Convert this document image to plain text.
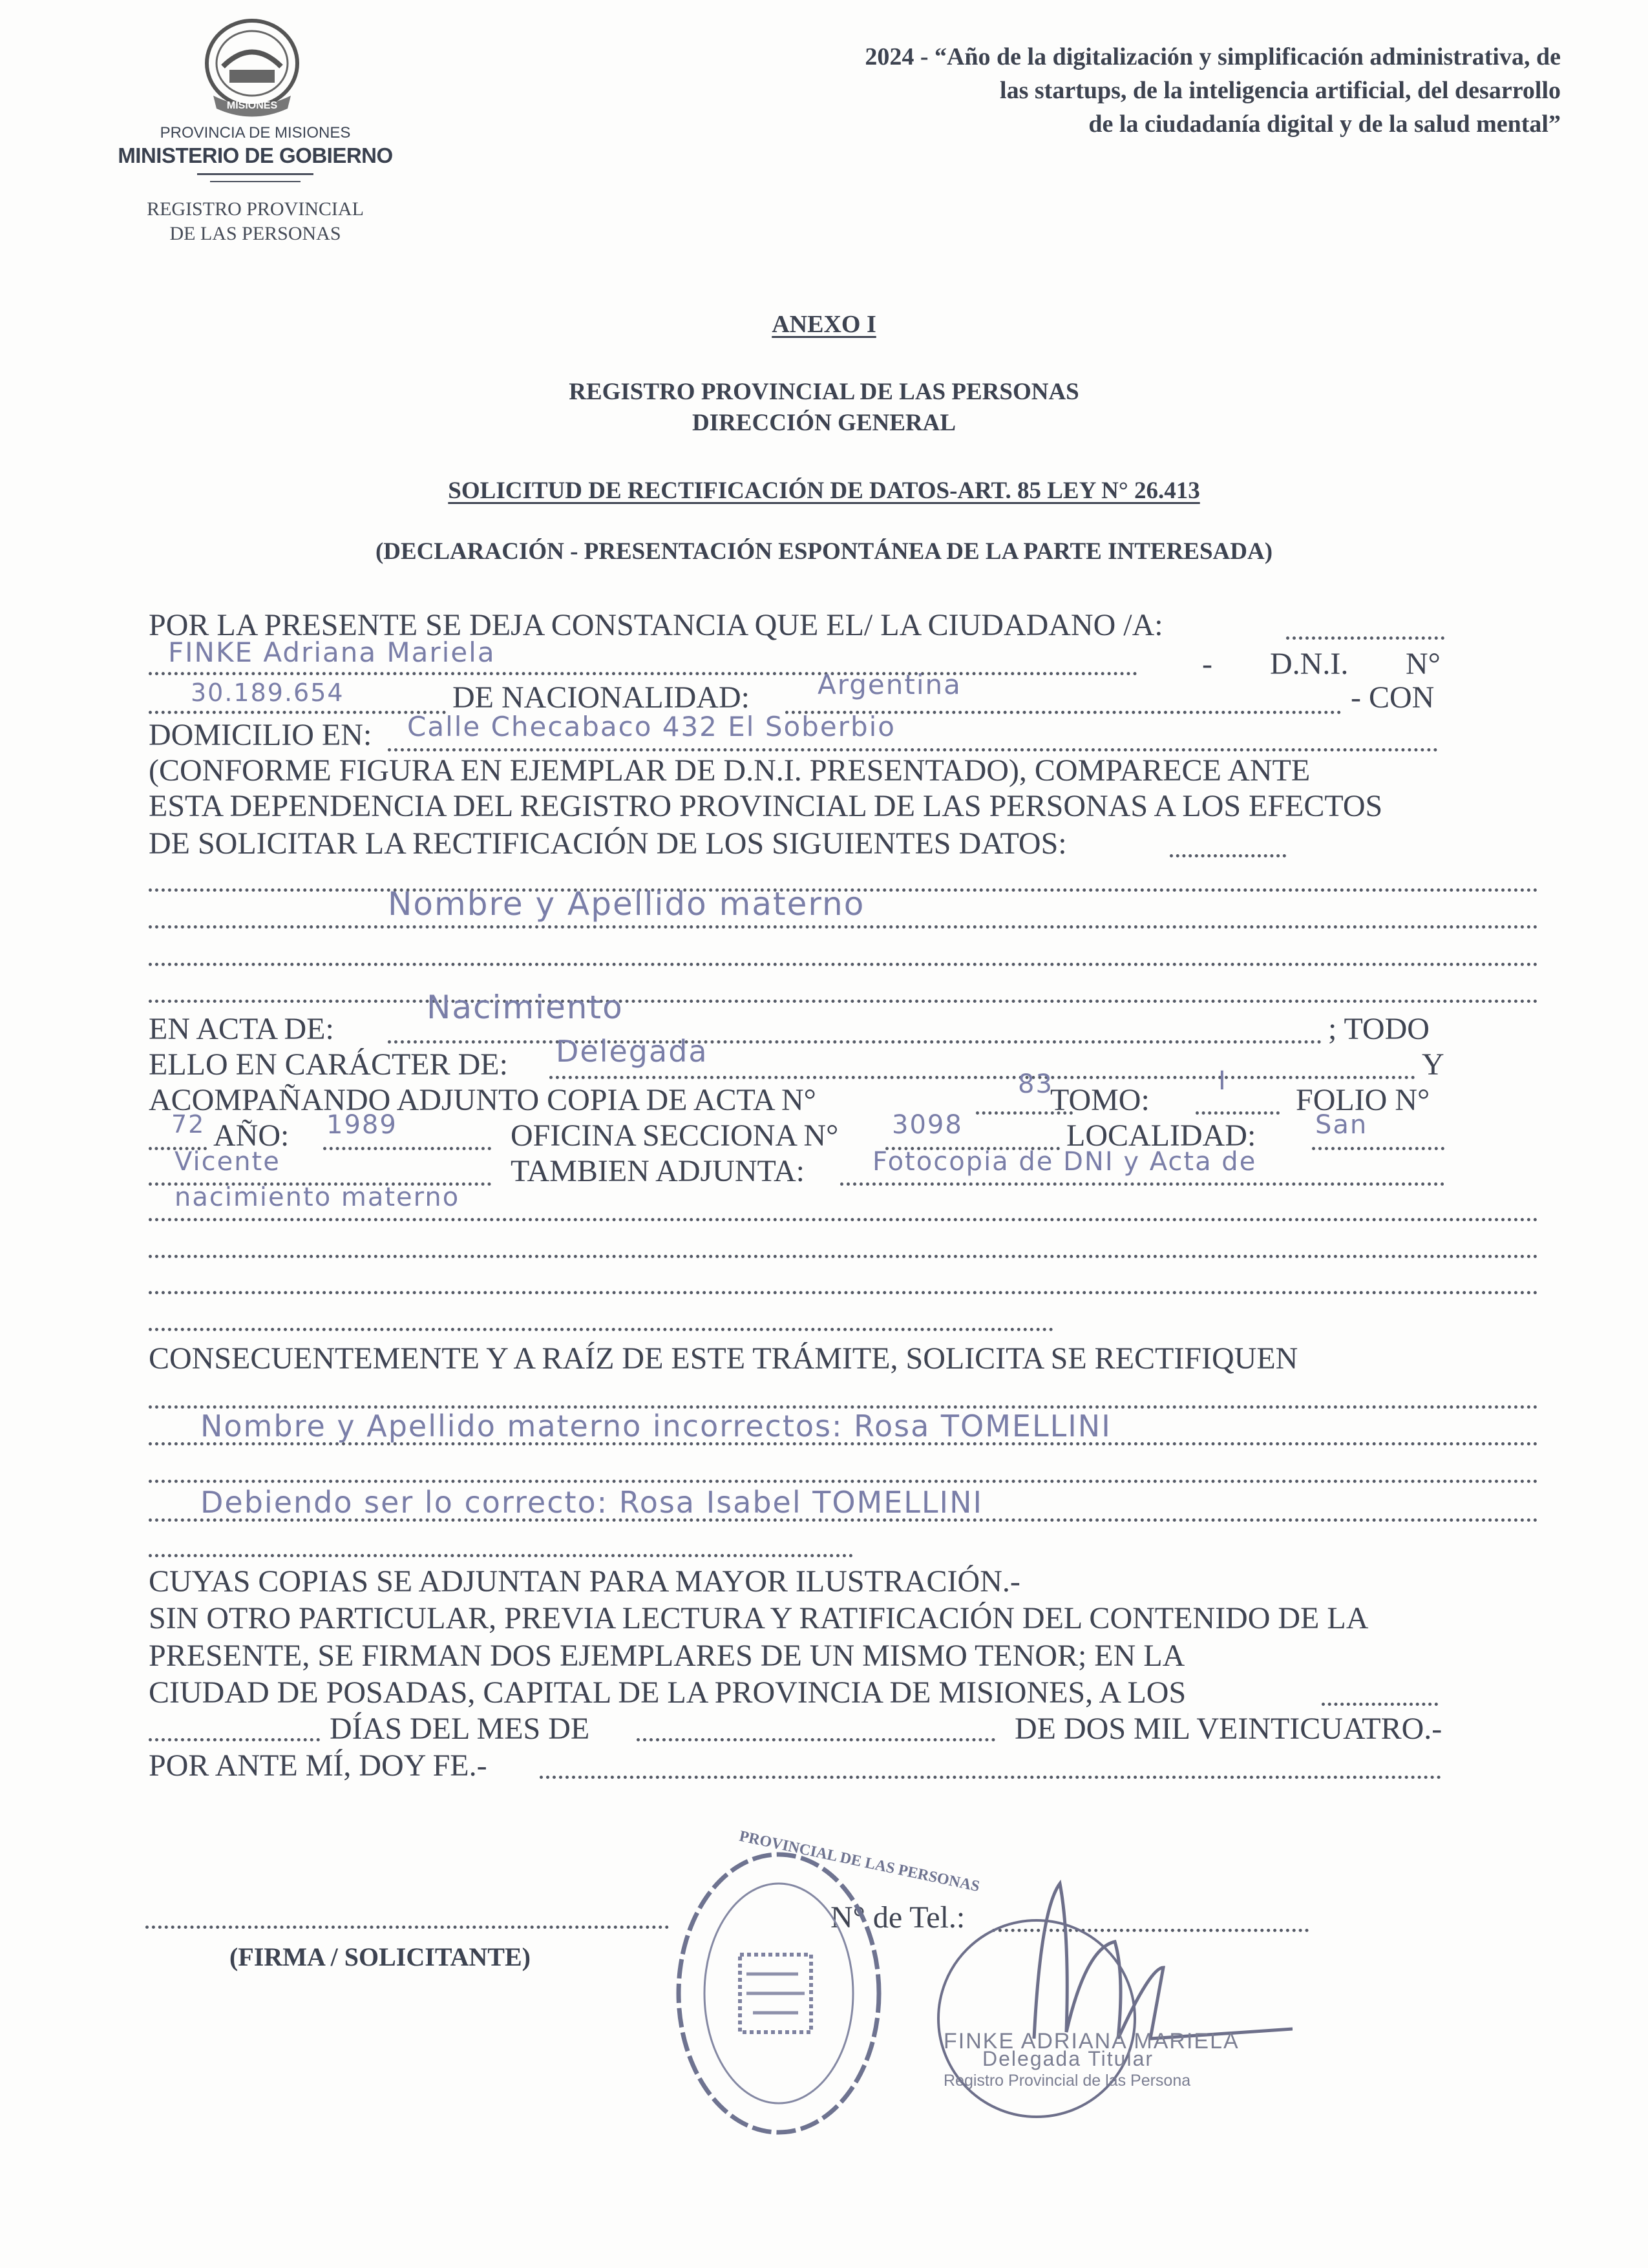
MISIONES
PROVINCIA DE MISIONES
MINISTERIO DE GOBIERNO
REGISTRO PROVINCIAL
DE LAS PERSONAS
2024 - “Año de la digitalización y simplificación administrativa, de
las startups, de la inteligencia artificial, del desarrollo
de la ciudadanía digital y de la salud mental”
ANEXO I
REGISTRO PROVINCIAL DE LAS PERSONAS
DIRECCIÓN GENERAL
SOLICITUD DE RECTIFICACIÓN DE DATOS-ART. 85 LEY N° 26.413
(DECLARACIÓN - PRESENTACIÓN ESPONTÁNEA DE LA PARTE INTERESADA)
POR LA PRESENTE SE DEJA CONSTANCIA QUE EL/ LA CIUDADANO /A:
FINKE Adriana Mariela	- D.N.I. N°
30.189.654	DE NACIONALIDAD:	Argentina	- CON
DOMICILIO EN: Calle Checabaco 432 El Soberbio
(CONFORME FIGURA EN EJEMPLAR DE D.N.I. PRESENTADO), COMPARECE ANTE
ESTA DEPENDENCIA DEL REGISTRO PROVINCIAL DE LAS PERSONAS A LOS EFECTOS
DE SOLICITAR LA RECTIFICACIÓN DE LOS SIGUIENTES DATOS:
Nombre y Apellido materno
EN ACTA DE:
Nacimiento
; TODO
ELLO EN CARÁCTER DE: Delegada	Y
ACOMPAÑANDO ADJUNTO COPIA DE ACTA N°	83
TOMO:
I
FOLIO N°
72 AÑO: 1989	OFICINA SECCIONA N° 3098	LOCALIDAD: San
Vicente	TAMBIEN ADJUNTA:	Fotocopia de DNI y Acta de
nacimiento materno
CONSECUENTEMENTE Y A RAÍZ DE ESTE TRÁMITE, SOLICITA SE RECTIFIQUEN
Nombre y Apellido materno incorrectos: Rosa TOMELLINI
Debiendo ser lo correcto: Rosa Isabel TOMELLINI
CUYAS COPIAS SE ADJUNTAN PARA MAYOR ILUSTRACIÓN.-
SIN OTRO PARTICULAR, PREVIA LECTURA Y RATIFICACIÓN DEL CONTENIDO DE LA
PRESENTE, SE FIRMAN DOS EJEMPLARES DE UN MISMO TENOR; EN LA
CIUDAD DE POSADAS, CAPITAL DE LA PROVINCIA DE MISIONES, A LOS
DÍAS DEL MES DE	DE DOS MIL VEINTICUATRO.-
POR ANTE MÍ, DOY FE.-
(FIRMA / SOLICITANTE)
N° de Tel.:
PROVINCIAL DE LAS PERSONAS
FINKE ADRIANA MARIELA
Delegada Titular
Registro Provincial de las Persona
